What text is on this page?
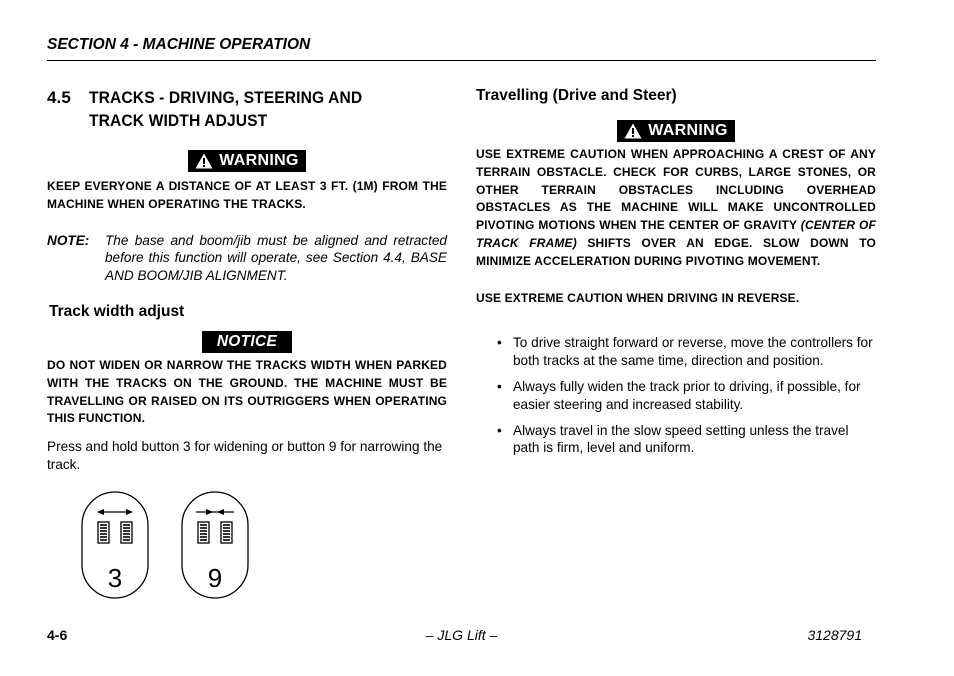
SECTION 4 - MACHINE OPERATION
4.5	TRACKS - DRIVING, STEERING AND TRACK WIDTH ADJUST
WARNING
KEEP EVERYONE A DISTANCE OF AT LEAST 3 FT. (1M) FROM THE MACHINE WHEN OPERATING THE TRACKS.
NOTE:	The base and boom/jib must be aligned and retracted before this function will operate, see Section 4.4, BASE AND BOOM/JIB ALIGNMENT.
Track width adjust
NOTICE
DO NOT WIDEN OR NARROW THE TRACKS WIDTH WHEN PARKED WITH THE TRACKS ON THE GROUND. THE MACHINE MUST BE TRAVELLING OR RAISED ON ITS OUTRIGGERS WHEN OPERATING THIS FUNCTION.
Press and hold button 3 for widening or button 9 for narrowing the track.
3	9
Travelling (Drive and Steer)
WARNING
USE EXTREME CAUTION WHEN APPROACHING A CREST OF ANY TERRAIN OBSTACLE. CHECK FOR CURBS, LARGE STONES, OR OTHER TERRAIN OBSTACLES INCLUDING OVERHEAD OBSTACLES AS THE MACHINE WILL MAKE UNCONTROLLED PIVOTING MOTIONS WHEN THE CENTER OF GRAVITY (CENTER OF TRACK FRAME) SHIFTS OVER AN EDGE. SLOW DOWN TO MINIMIZE ACCELERATION DURING PIVOTING MOVEMENT.
USE EXTREME CAUTION WHEN DRIVING IN REVERSE.
• To drive straight forward or reverse, move the controllers for both tracks at the same time, direction and position.
• Always fully widen the track prior to driving, if possible, for easier steering and increased stability.
• Always travel in the slow speed setting unless the travel path is firm, level and uniform.
4-6	– JLG Lift –	3128791
